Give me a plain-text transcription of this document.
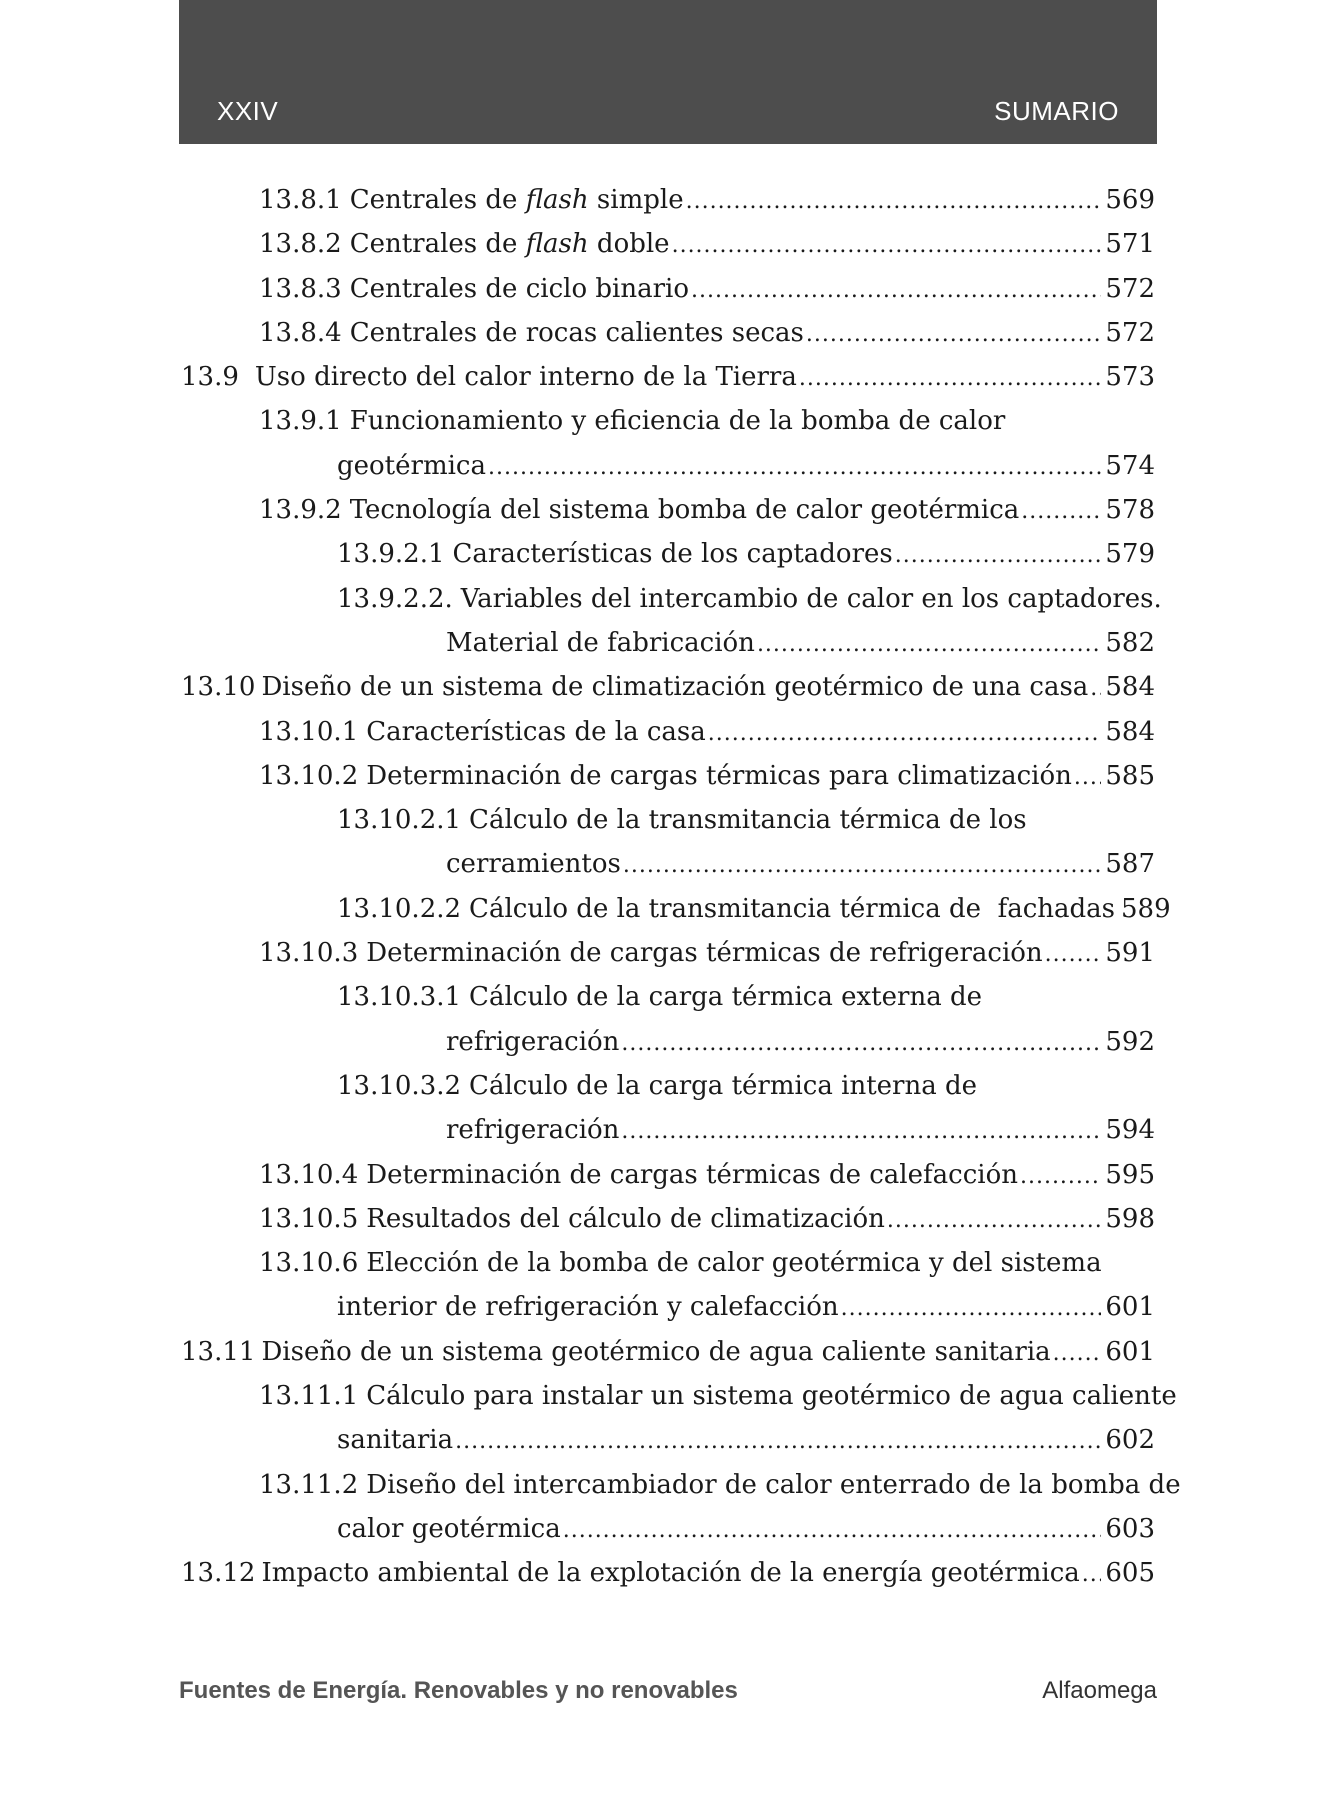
XXIV	SUMARIO
13.8.1 Centrales de flash simple .....	569
13.8.2 Centrales de flash doble .....	571
13.8.3 Centrales de ciclo binario .....	572
13.8.4 Centrales de rocas calientes secas .....	572
13.9 Uso directo del calor interno de la Tierra .....	573
13.9.1 Funcionamiento y eficiencia de la bomba de calor
geotérmica .....	574
13.9.2 Tecnología del sistema bomba de calor geotérmica .....	578
13.9.2.1 Características de los captadores .....	579
13.9.2.2. Variables del intercambio de calor en los captadores.
Material de fabricación .....	582
13.10 Diseño de un sistema de climatización geotérmico de una casa ..... 584
13.10.1 Características de la casa .....	584
13.10.2 Determinación de cargas térmicas para climatización ..... 585
13.10.2.1 Cálculo de la transmitancia térmica de los
cerramientos .....	587
13.10.2.2 Cálculo de la transmitancia térmica de  fachadas 589
13.10.3 Determinación de cargas térmicas de refrigeración ..... 591
13.10.3.1 Cálculo de la carga térmica externa de
refrigeración .....	592
13.10.3.2 Cálculo de la carga térmica interna de
refrigeración .....	594
13.10.4 Determinación de cargas térmicas de calefacción .....	595
13.10.5 Resultados del cálculo de climatización .....	598
13.10.6 Elección de la bomba de calor geotérmica y del sistema
interior de refrigeración y calefacción .....	601
13.11 Diseño de un sistema geotérmico de agua caliente sanitaria ..... 601
13.11.1 Cálculo para instalar un sistema geotérmico de agua caliente
sanitaria .....	602
13.11.2 Diseño del intercambiador de calor enterrado de la bomba de
calor geotérmica .....	603
13.12 Impacto ambiental de la explotación de la energía geotérmica ..... 605
Fuentes de Energía. Renovables y no renovables	Alfaomega
